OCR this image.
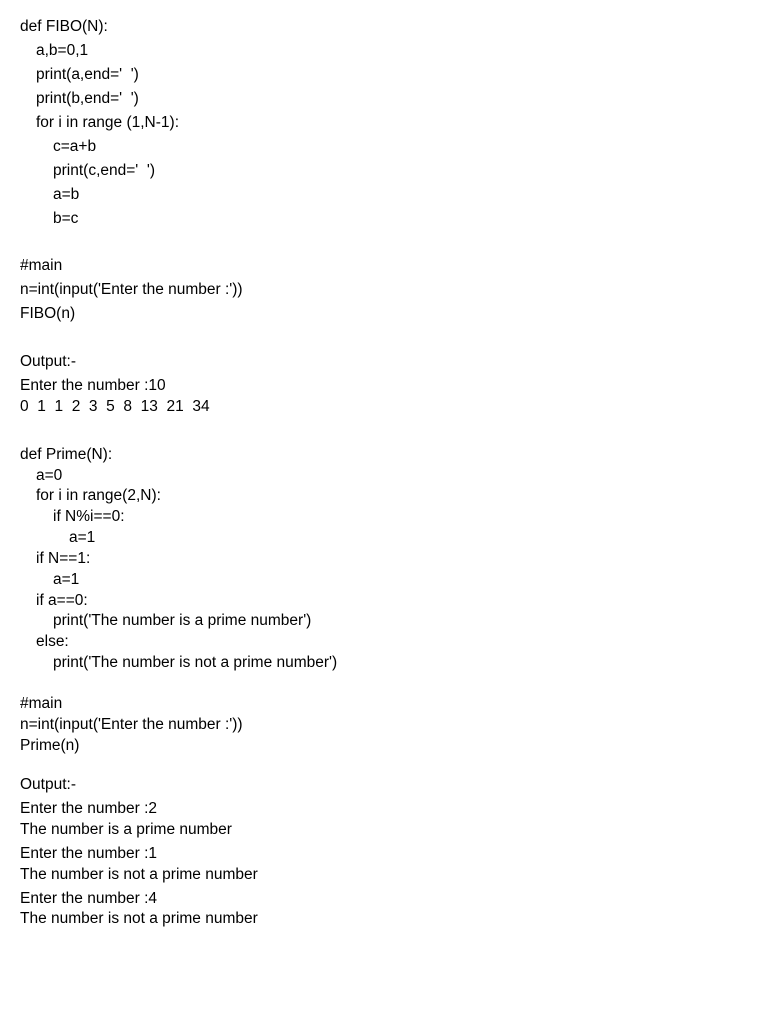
def FIBO(N):
a,b=0,1
print(a,end='  ')
print(b,end='  ')
for i in range (1,N-1):
c=a+b
print(c,end='  ')
a=b
b=c
#main
n=int(input('Enter the number :'))
FIBO(n)
Output:-
Enter the number :10
0  1  1  2  3  5  8  13  21  34
def Prime(N):
a=0
for i in range(2,N):
if N%i==0:
a=1
if N==1:
a=1
if a==0:
print('The number is a prime number')
else:
print('The number is not a prime number')
#main
n=int(input('Enter the number :'))
Prime(n)
Output:-
Enter the number :2
The number is a prime number
Enter the number :1
The number is not a prime number
Enter the number :4
The number is not a prime number
